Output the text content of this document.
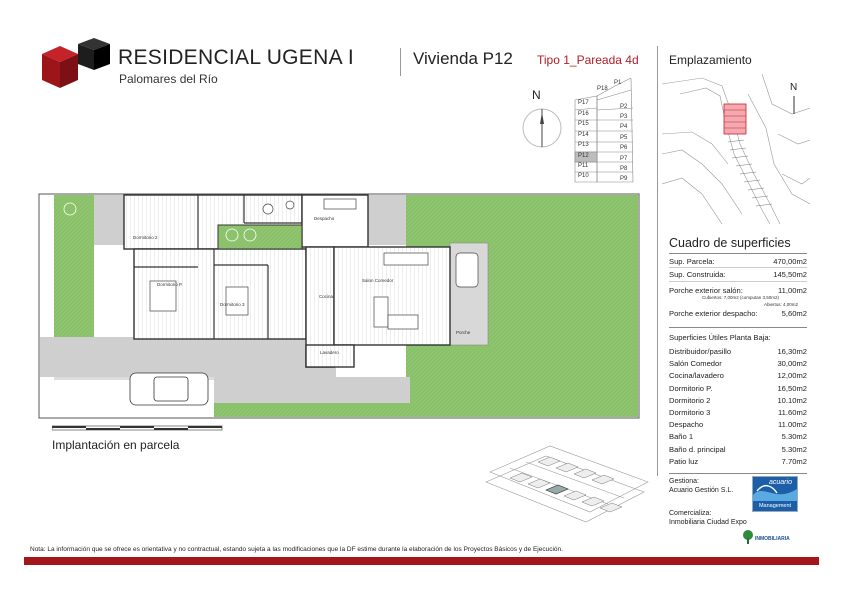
RESIDENCIAL UGENA I
Palomares del Río
Vivienda P12 Tipo 1_Pareada 4d	Emplazamiento
N	P18
P1
P17
P16
P15
P14
P13
P12
P11
P10
P2
P3
P4
P5
P6
P7
P8
P9
N
Dormitorio P.
Dormitorio 2
Dormitorio 3
Despacho
Salon Comedor
Cocina
Lavadero
Porche
Implantación en parcela
Cuadro de superficies
Sup. Parcela:	470,00m2
Sup. Construida:	145,50m2
Porche exterior salón:	11,00m2
Cubiertos: 7,00m2 (computan 3,50m2)
Abiertos: 4,00m2
Porche exterior despacho:	5,60m2
Superficies Útiles Planta Baja:
Distribuidor/pasillo	16,30m2
Salón Comedor	30,00m2
Cocina/lavadero	12,00m2
Dormitorio P.	16,50m2
Dormitorio 2	10.10m2
Dormitorio 3	11.60m2
Despacho	11.00m2
Baño 1	5.30m2
Baño d. principal	5.30m2
Patio luz	7.70m2
Gestiona:
Acuario Gestión S.L.
acuario
Management
Comercializa:
Inmobiliaria Ciudad Expo
INMOBILIARIA
Nota: La información que se ofrece es orientativa y no contractual, estando sujeta a las modificaciones que la DF estime durante la elaboración de los Proyectos Básicos y de Ejecución.
